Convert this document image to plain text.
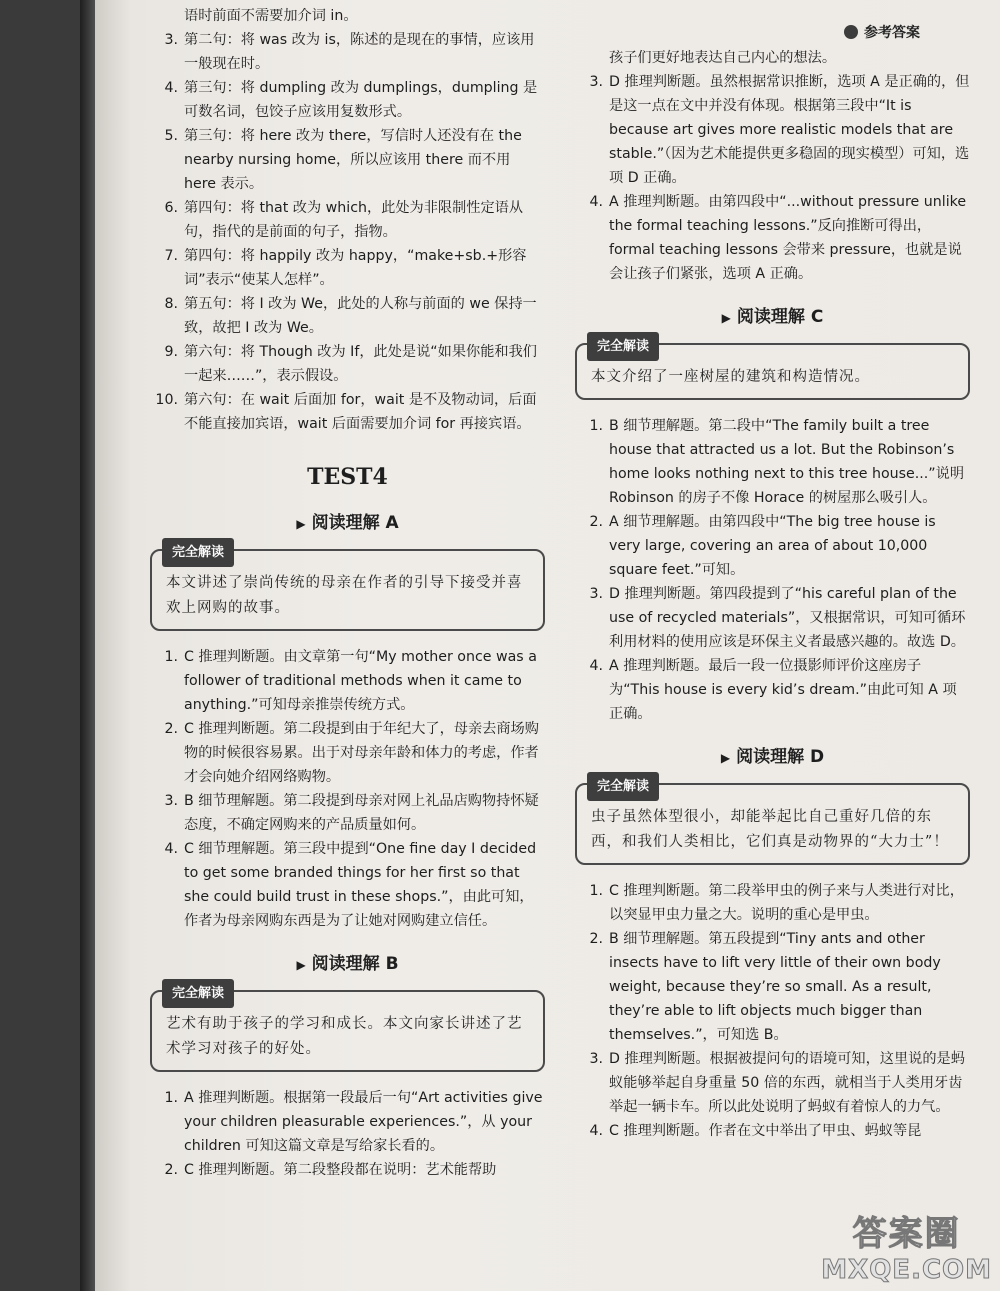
参考答案

语时前面不需要加介词 in。

3. 第二句：将 was 改为 is，陈述的是现在的事情，应该用一般现在时。
4. 第三句：将 dumpling 改为 dumplings，dumpling 是可数名词，包饺子应该用复数形式。
5. 第三句：将 here 改为 there，写信时人还没有在 the nearby nursing home，所以应该用 there 而不用 here 表示。
6. 第四句：将 that 改为 which，此处为非限制性定语从句，指代的是前面的句子，指物。
7. 第四句：将 happily 改为 happy，“make+sb.+形容词”表示“使某人怎样”。
8. 第五句：将 I 改为 We，此处的人称与前面的 we 保持一致，故把 I 改为 We。
9. 第六句：将 Though 改为 If，此处是说“如果你能和我们一起来……”，表示假设。
10. 第六句：在 wait 后面加 for，wait 是不及物动词，后面不能直接加宾语，wait 后面需要加介词 for 再接宾语。
TEST4
▶ 阅读理解 A
完全解读
本文讲述了崇尚传统的母亲在作者的引导下接受并喜欢上网购的故事。
1. C 推理判断题。由文章第一句“My mother once was a follower of traditional methods when it came to anything.”可知母亲推崇传统方式。
2. C 推理判断题。第二段提到由于年纪大了，母亲去商场购物的时候很容易累。出于对母亲年龄和体力的考虑，作者才会向她介绍网络购物。
3. B 细节理解题。第二段提到母亲对网上礼品店购物持怀疑态度，不确定网购来的产品质量如何。
4. C 细节理解题。第三段中提到“One fine day I decided to get some branded things for her first so that she could build trust in these shops.”，由此可知，作者为母亲网购东西是为了让她对网购建立信任。
▶ 阅读理解 B
完全解读
艺术有助于孩子的学习和成长。本文向家长讲述了艺术学习对孩子的好处。
1. A 推理判断题。根据第一段最后一句“Art activities give your children pleasurable experiences.”，从 your children 可知这篇文章是写给家长看的。
2. C 推理判断题。第二段整段都在说明：艺术能帮助

孩子们更好地表达自己内心的想法。

3. D 推理判断题。虽然根据常识推断，选项 A 是正确的，但是这一点在文中并没有体现。根据第三段中“It is because art gives more realistic models that are stable.”（因为艺术能提供更多稳固的现实模型）可知，选项 D 正确。
4. A 推理判断题。由第四段中“...without pressure unlike the formal teaching lessons.”反向推断可得出，formal teaching lessons 会带来 pressure，也就是说会让孩子们紧张，选项 A 正确。
▶ 阅读理解 C
完全解读
本文介绍了一座树屋的建筑和构造情况。
1. B 细节理解题。第二段中“The family built a tree house that attracted us a lot. But the Robinson’s home looks nothing next to this tree house...”说明 Robinson 的房子不像 Horace 的树屋那么吸引人。
2. A 细节理解题。由第四段中“The big tree house is very large, covering an area of about 10,000 square feet.”可知。
3. D 推理判断题。第四段提到了“his careful plan of the use of recycled materials”，又根据常识，可知可循环利用材料的使用应该是环保主义者最感兴趣的。故选 D。
4. A 推理判断题。最后一段一位摄影师评价这座房子为“This house is every kid’s dream.”由此可知 A 项正确。
▶ 阅读理解 D
完全解读
虫子虽然体型很小，却能举起比自己重好几倍的东西，和我们人类相比，它们真是动物界的“大力士”！
1. C 推理判断题。第二段举甲虫的例子来与人类进行对比，以突显甲虫力量之大。说明的重心是甲虫。
2. B 细节理解题。第五段提到“Tiny ants and other insects have to lift very little of their own body weight, because they’re so small. As a result, they’re able to lift objects much bigger than themselves.”，可知选 B。
3. D 推理判断题。根据被提问句的语境可知，这里说的是蚂蚁能够举起自身重量 50 倍的东西，就相当于人类用牙齿举起一辆卡车。所以此处说明了蚂蚁有着惊人的力气。
4. C 推理判断题。作者在文中举出了甲虫、蚂蚁等昆
答案圈
MXQE.COM
